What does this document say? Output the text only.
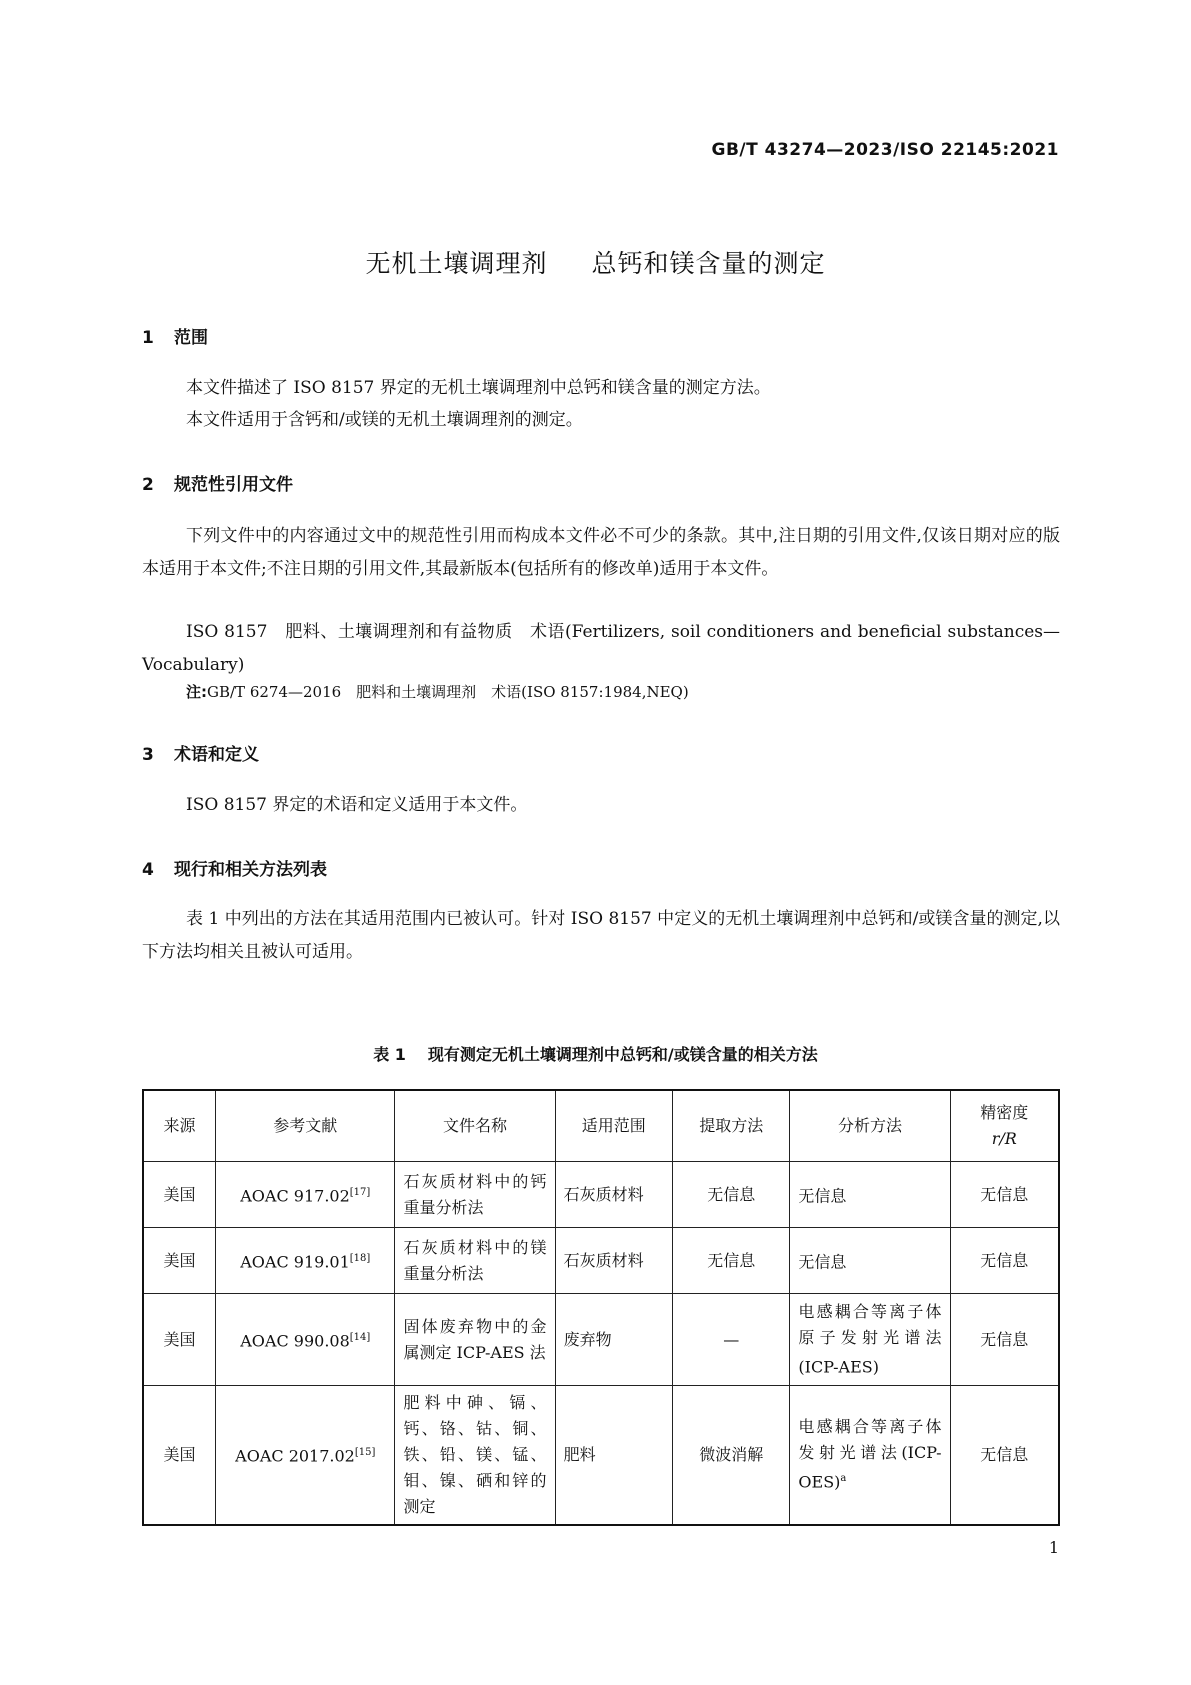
GB/T 43274—2023/ISO 22145:2021
无机土壤调理剂 总钙和镁含量的测定
1 范围
本文件描述了 ISO 8157 界定的无机土壤调理剂中总钙和镁含量的测定方法。
本文件适用于含钙和/或镁的无机土壤调理剂的测定。
2 规范性引用文件
下列文件中的内容通过文中的规范性引用而构成本文件必不可少的条款。其中,注日期的引用文件,仅该日期对应的版本适用于本文件;不注日期的引用文件,其最新版本(包括所有的修改单)适用于本文件。
ISO 8157　肥料、土壤调理剂和有益物质　术语(Fertilizers, soil conditioners and beneficial substances—Vocabulary)
注:GB/T 6274—2016　肥料和土壤调理剂　术语(ISO 8157:1984,NEQ)
3 术语和定义
ISO 8157 界定的术语和定义适用于本文件。
4 现行和相关方法列表
表 1 中列出的方法在其适用范围内已被认可。针对 ISO 8157 中定义的无机土壤调理剂中总钙和/或镁含量的测定,以下方法均相关且被认可适用。
表 1 现有测定无机土壤调理剂中总钙和/或镁含量的相关方法
来源	参考文献	文件名称	适用范围	提取方法	分析方法	精密度
r/R

美国	AOAC 917.02[17]	石灰质材料中的钙重量分析法	石灰质材料	无信息	无信息	无信息
美国	AOAC 919.01[18]	石灰质材料中的镁重量分析法	石灰质材料	无信息	无信息	无信息
美国	AOAC 990.08[14]	固体废弃物中的金属测定 ICP-AES 法	废弃物	—	电感耦合等离子体原子发射光谱法(ICP-AES)	无信息
美国	AOAC 2017.02[15]	肥料中砷、镉、钙、铬、钴、铜、铁、铅、镁、锰、钼、镍、硒和锌的测定	肥料	微波消解	电感耦合等离子体发射光谱法$(ICP-OES)^a$	无信息
1
